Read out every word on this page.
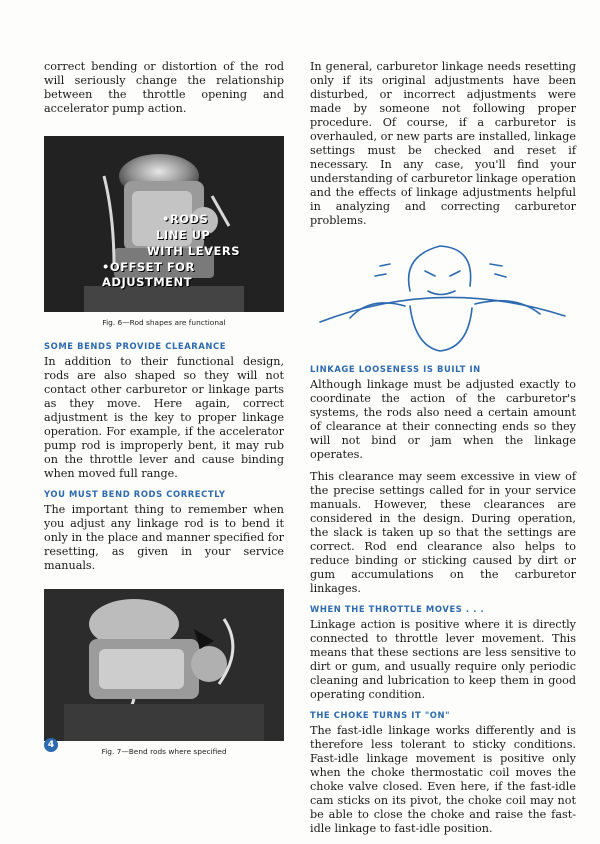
correct bending or distortion of the rod will seriously change the relationship between the throttle opening and accelerator pump action.

•RODS
LINE UP
WITH LEVERS
•OFFSET FOR ADJUSTMENT
Fig. 6—Rod shapes are functional
SOME BENDS PROVIDE CLEARANCE

In addition to their functional design, rods are also shaped so they will not contact other carburetor or linkage parts as they move. Here again, correct adjustment is the key to proper linkage operation. For example, if the accelerator pump rod is improperly bent, it may rub on the throttle lever and cause binding when moved full range.

YOU MUST BEND RODS CORRECTLY

The important thing to remember when you adjust any linkage rod is to bend it only in the place and manner specified for resetting, as given in your service manuals.

Fig. 7—Bend rods where specified

In general, carburetor linkage needs resetting only if its original adjustments have been disturbed, or incorrect adjustments were made by someone not following proper procedure. Of course, if a carburetor is overhauled, or new parts are installed, linkage settings must be checked and reset if necessary. In any case, you'll find your understanding of carburetor linkage operation and the effects of linkage adjustments helpful in analyzing and correcting carburetor problems.

LINKAGE LOOSENESS IS BUILT IN

Although linkage must be adjusted exactly to coordinate the action of the carburetor's systems, the rods also need a certain amount of clearance at their connecting ends so they will not bind or jam when the linkage operates.

This clearance may seem excessive in view of the precise settings called for in your service manuals. However, these clearances are considered in the design. During operation, the slack is taken up so that the settings are correct. Rod end clearance also helps to reduce binding or sticking caused by dirt or gum accumulations on the carburetor linkages.

WHEN THE THROTTLE MOVES . . .

Linkage action is positive where it is directly connected to throttle lever movement. This means that these sections are less sensitive to dirt or gum, and usually require only periodic cleaning and lubrication to keep them in good operating condition.

THE CHOKE TURNS IT "ON"

The fast-idle linkage works differently and is therefore less tolerant to sticky conditions. Fast-idle linkage movement is positive only when the choke thermostatic coil moves the choke valve closed. Even here, if the fast-idle cam sticks on its pivot, the choke coil may not be able to close the choke and raise the fast-idle linkage to fast-idle position.

4
